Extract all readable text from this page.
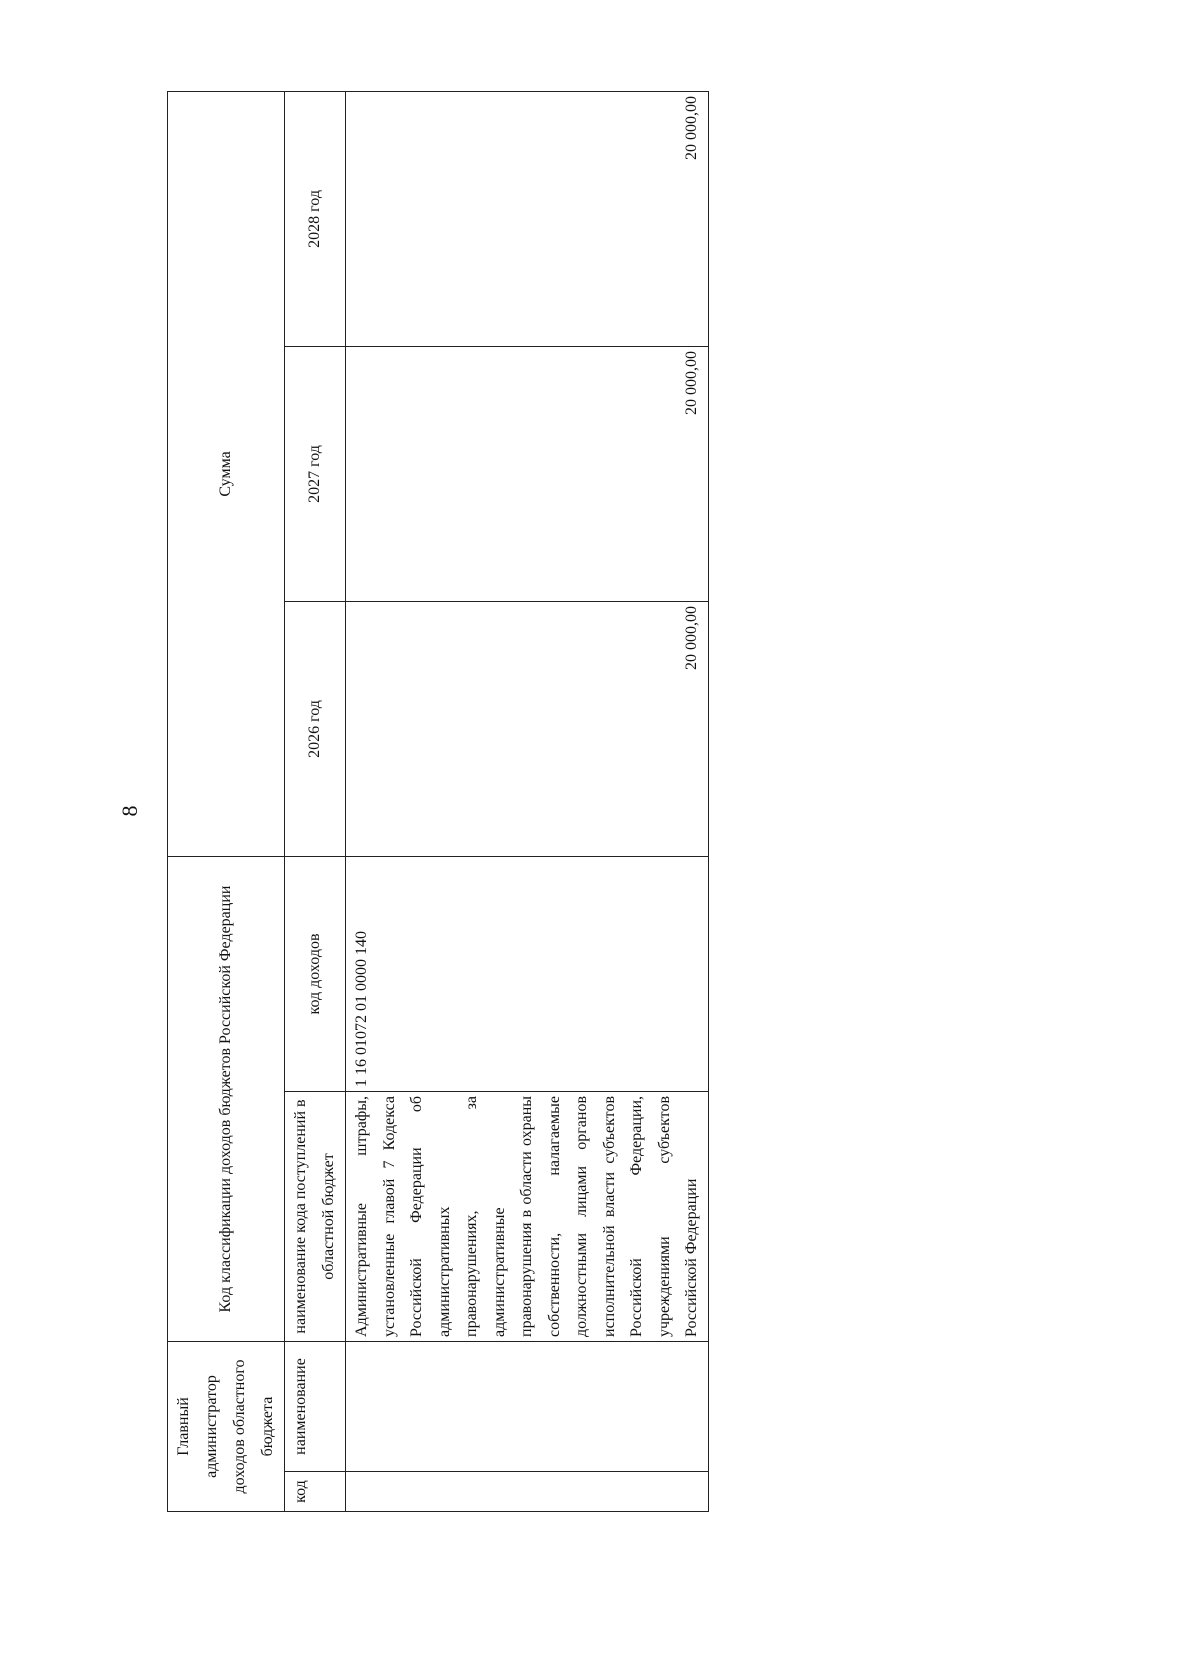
8
Главный администратор доходов областного бюджета		Код классификации доходов бюджетов Российской Федерации		Сумма		
код	наименование	наименование кода поступлений в областной бюджет	код доходов	2026 год	2027 год	2028 год
		Административные штрафы, установленные главой 7 Кодекса Российской Федерации об административных правонарушениях, за административные правонарушения в области охраны собственности, налагаемые должностными лицами органов исполнительной власти субъектов Российской Федерации, учреждениями субъектов Российской Федерации	1 16 01072 01 0000 140	20 000,00	20 000,00	20 000,00
